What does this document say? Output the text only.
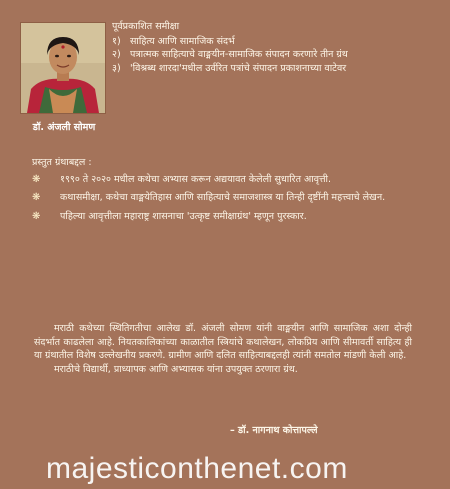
डॉ. अंजली सोमण
पूर्वप्रकाशित समीक्षा
१) साहित्य आणि सामाजिक संदर्भ
२) पत्रात्मक साहित्याचे वाङ्मयीन-सामाजिक संपादन करणारे तीन ग्रंथ
३) 'विश्रब्ध शारदा'मधील उर्वरित पत्रांचे संपादन प्रकाशनाच्या वाटेवर
प्रस्तुत ग्रंथाबद्दल :
❋	१९९० ते २०२० मधील कथेचा अभ्यास करून अद्ययावत केलेली सुधारित आवृत्ती.
❋	कथासमीक्षा, कथेचा वाङ्मयेतिहास आणि साहित्याचे समाजशास्त्र या तिन्ही दृष्टींनी महत्त्वाचे लेखन.
❋	पहिल्या आवृत्तीला महाराष्ट्र शासनाचा 'उत्कृष्ट समीक्षाग्रंथ' म्हणून पुरस्कार.

मराठी कथेच्या स्थितिगतीचा आलेख डॉ. अंजली सोमण यांनी वाङ्मयीन आणि सामाजिक अशा दोन्ही संदर्भात काढलेला आहे. नियतकालिकांच्या काळातील स्त्रियांचे कथालेखन, लोकप्रिय आणि सीमावर्ती साहित्य ही या ग्रंथातील विशेष उल्लेखनीय प्रकरणे. ग्रामीण आणि दलित साहित्याबद्दलही त्यांनी समतोल मांडणी केली आहे.

मराठीचे विद्यार्थी, प्राध्यापक आणि अभ्यासक यांना उपयुक्त ठरणारा ग्रंथ.

– डॉ. नागनाथ कोत्तापल्ले
majesticonthenet.com
